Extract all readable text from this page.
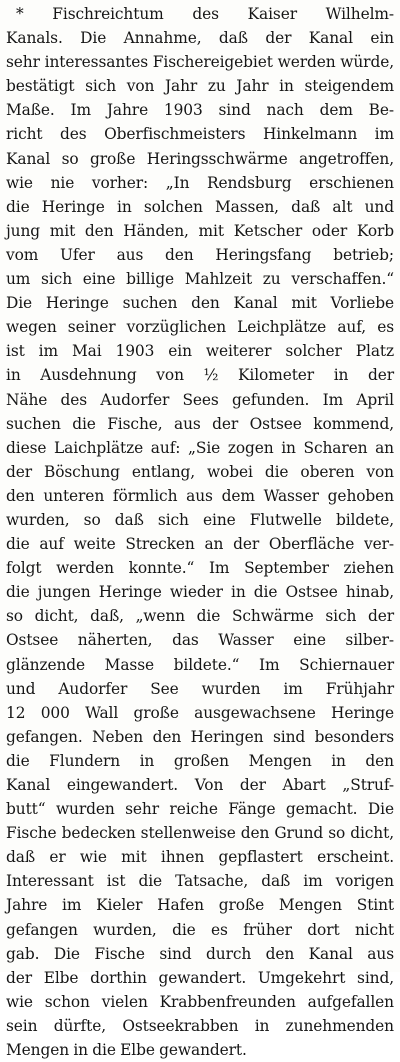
* Fischreichtum des Kaiser Wilhelm-
Kanals. Die Annahme, daß der Kanal ein
sehr interessantes Fischereigebiet werden würde,
bestätigt sich von Jahr zu Jahr in steigendem
Maße. Im Jahre 1903 sind nach dem Be-
richt des Oberfischmeisters Hinkelmann im
Kanal so große Heringsschwärme angetroffen,
wie nie vorher: „In Rendsburg erschienen
die Heringe in solchen Massen, daß alt und
jung mit den Händen, mit Ketscher oder Korb
vom Ufer aus den Heringsfang betrieb;
um sich eine billige Mahlzeit zu verschaffen.“
Die Heringe suchen den Kanal mit Vorliebe
wegen seiner vorzüglichen Leichplätze auf, es
ist im Mai 1903 ein weiterer solcher Platz
in Ausdehnung von ½ Kilometer in der
Nähe des Audorfer Sees gefunden. Im April
suchen die Fische, aus der Ostsee kommend,
diese Laichplätze auf: „Sie zogen in Scharen an
der Böschung entlang, wobei die oberen von
den unteren förmlich aus dem Wasser gehoben
wurden, so daß sich eine Flutwelle bildete,
die auf weite Strecken an der Oberfläche ver-
folgt werden konnte.“ Im September ziehen
die jungen Heringe wieder in die Ostsee hinab,
so dicht, daß, „wenn die Schwärme sich der
Ostsee näherten, das Wasser eine silber-
glänzende Masse bildete.“ Im Schiernauer
und Audorfer See wurden im Frühjahr
12 000 Wall große ausgewachsene Heringe
gefangen. Neben den Heringen sind besonders
die Flundern in großen Mengen in den
Kanal eingewandert. Von der Abart „Struf-
butt“ wurden sehr reiche Fänge gemacht. Die
Fische bedecken stellenweise den Grund so dicht,
daß er wie mit ihnen gepflastert erscheint.
Interessant ist die Tatsache, daß im vorigen
Jahre im Kieler Hafen große Mengen Stint
gefangen wurden, die es früher dort nicht
gab. Die Fische sind durch den Kanal aus
der Elbe dorthin gewandert. Umgekehrt sind,
wie schon vielen Krabbenfreunden aufgefallen
sein dürfte, Ostseekrabben in zunehmenden
Mengen in die Elbe gewandert.
